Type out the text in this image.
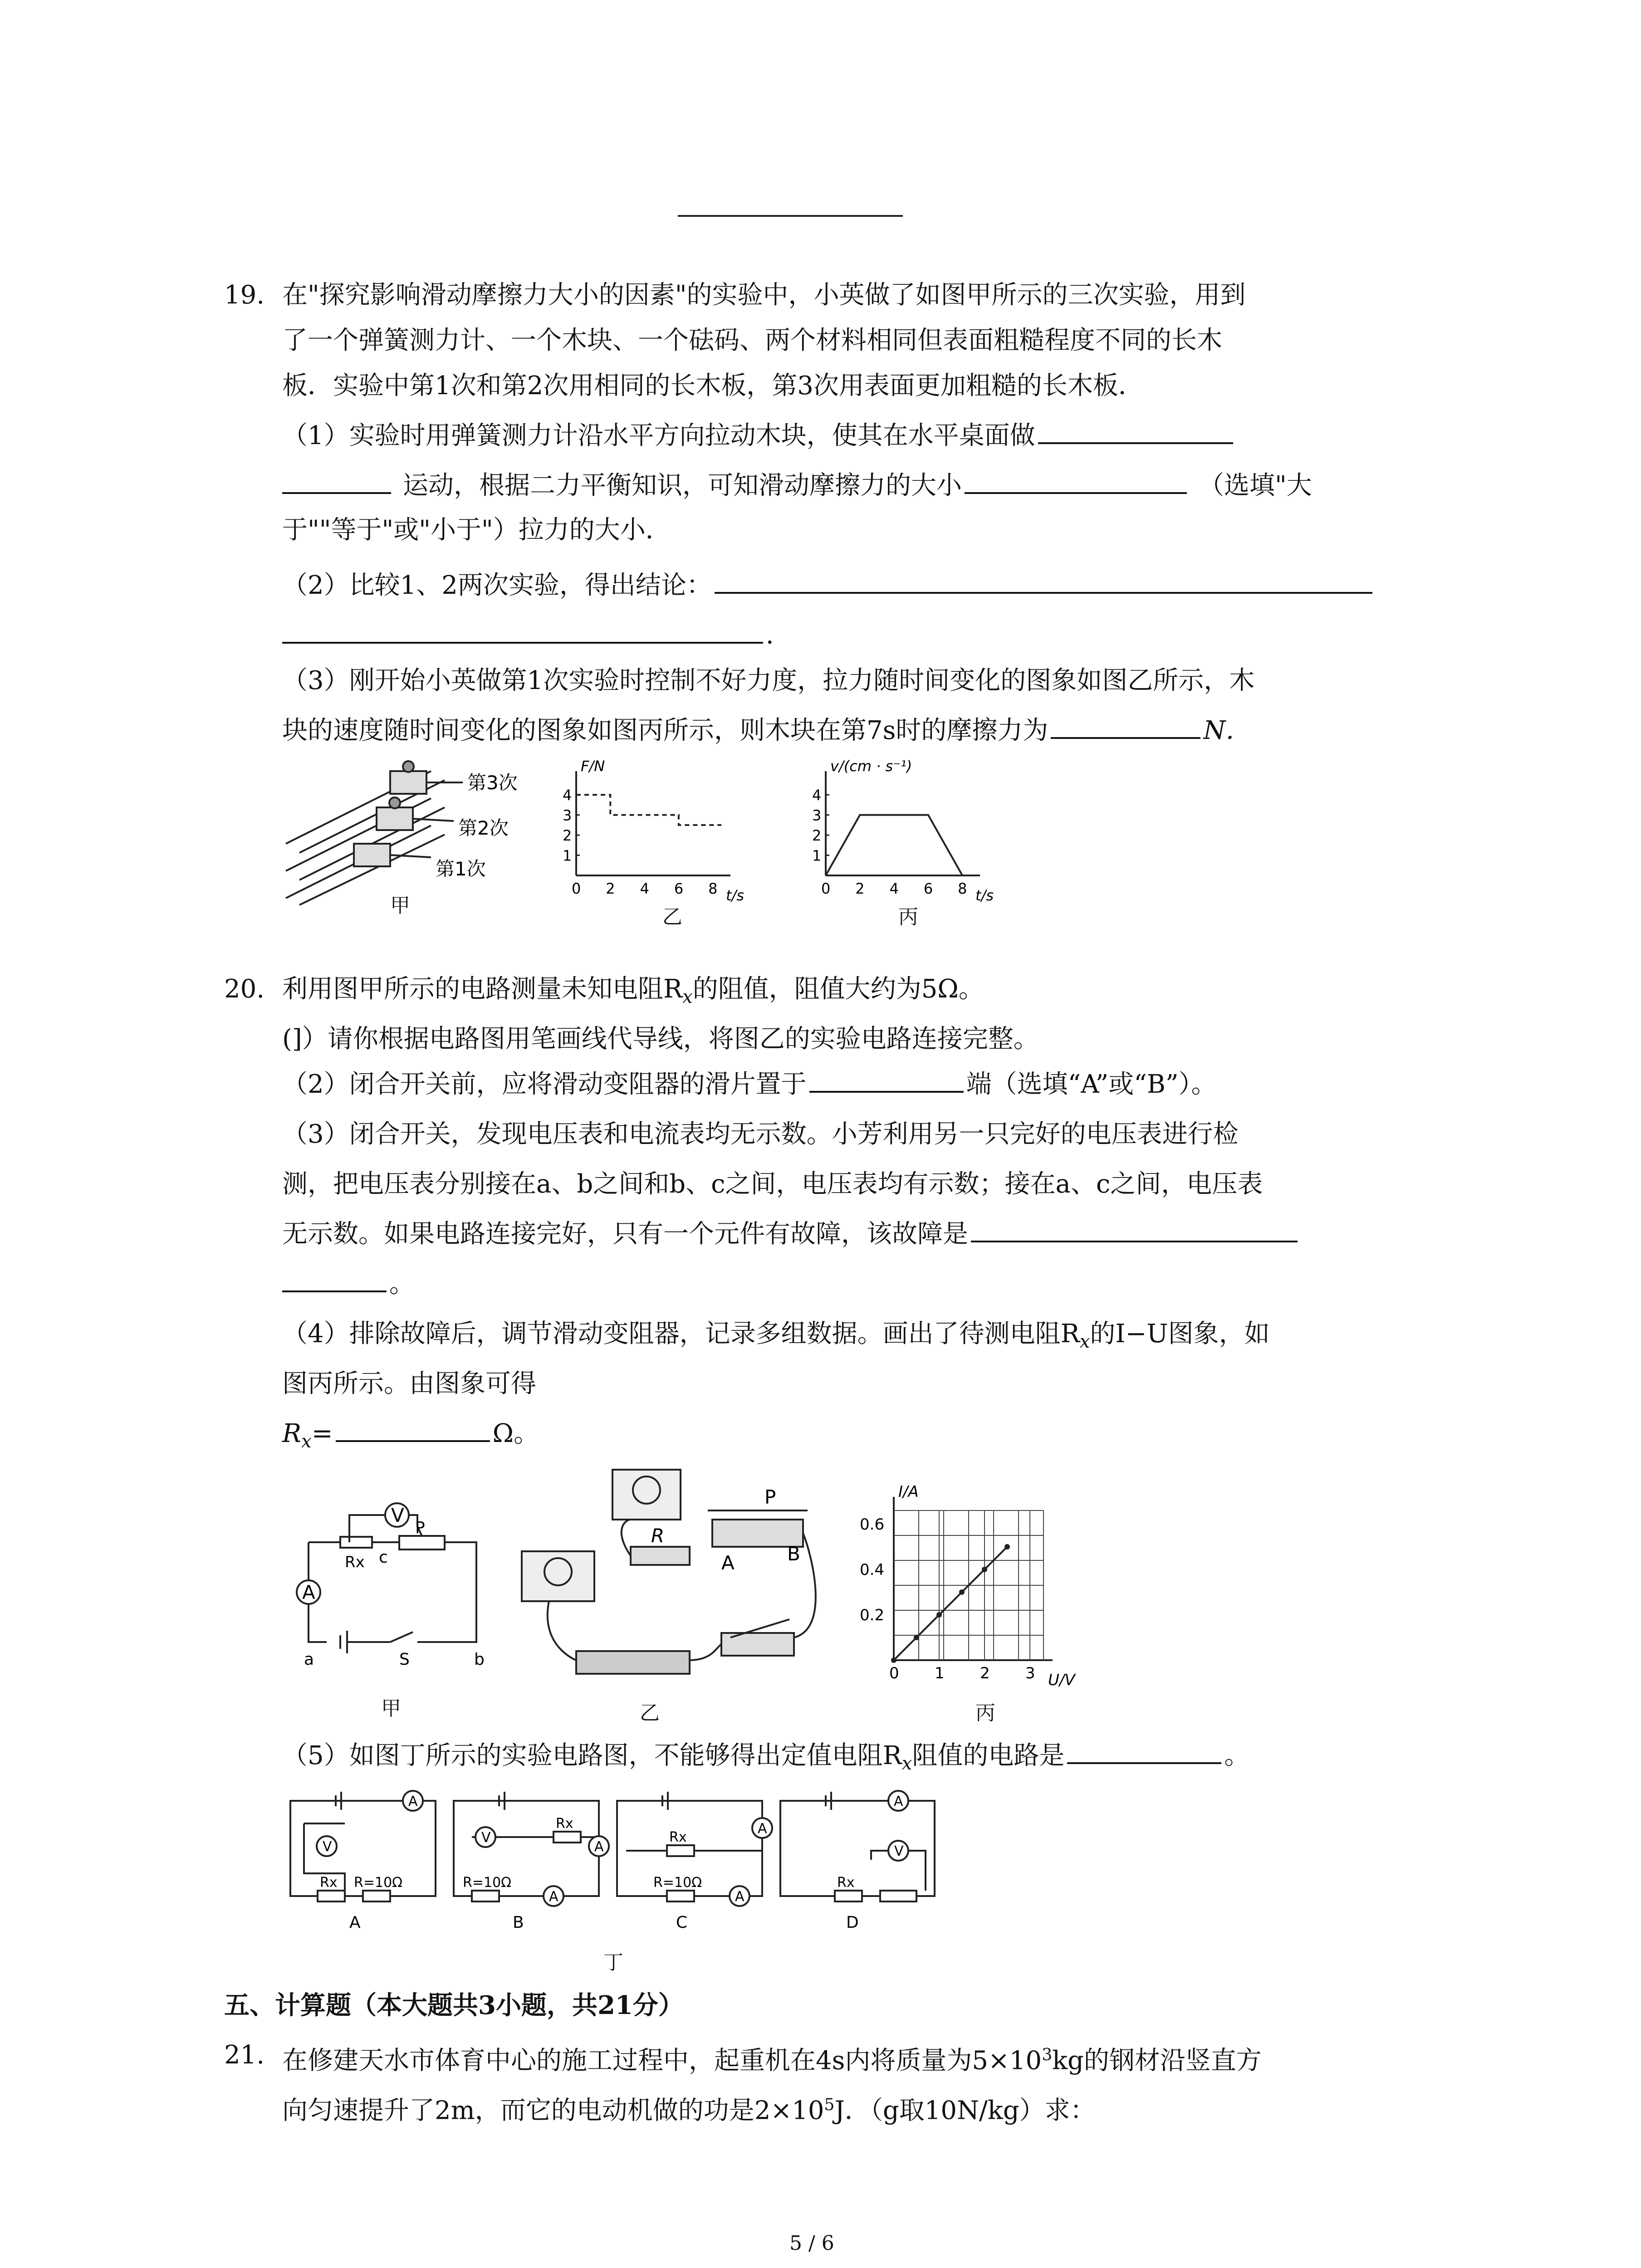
19. 在"探究影响滑动摩擦力大小的因素"的实验中，小英做了如图甲所示的三次实验，用到
了一个弹簧测力计、一个木块、一个砝码、两个材料相同但表面粗糙程度不同的长木
板．实验中第1次和第2次用相同的长木板，第3次用表面更加粗糙的长木板．
（1）实验时用弹簧测力计沿水平方向拉动木块，使其在水平桌面做
运动，根据二力平衡知识，可知滑动摩擦力的大小	（选填"大
于""等于"或"小于"）拉力的大小．
（2）比较1、2两次实验，得出结论：
．
（3）刚开始小英做第1次实验时控制不好力度，拉力随时间变化的图象如图乙所示，木
块的速度随时间变化的图象如图丙所示，则木块在第7s时的摩擦力为	N．
第3次
第2次
第1次
甲
0 2 4 6 8
1
2
3
4
F/N
t/s
乙
0 2 4 6 8
1
2
3
4
v/(cm · s⁻¹)
t/s
丙
20. 利用图甲所示的电路测量未知电阻$R_x$的阻值，阻值大约为5Ω。
(]）请你根据电路图用笔画线代导线，将图乙的实验电路连接完整。
（2）闭合开关前，应将滑动变阻器的滑片置于	端（选填“A”或“B”）。
（3）闭合开关，发现电压表和电流表均无示数。小芳利用另一只完好的电压表进行检
测，把电压表分别接在a、b之间和b、c之间，电压表均有示数；接在a、c之间，电压表
无示数。如果电路连接完好，只有一个元件有故障，该故障是
。
（4）排除故障后，调节滑动变阻器，记录多组数据。画出了待测电阻$R_x$的I−U图象，如
图丙所示。由图象可得
$R_x=$	Ω。
V
A
Rx
P
c
a	S	b
甲
R
P
A	B
乙
0 1 2 3
0.2
0.4
0.6
I/A
U/V
丙
（5）如图丁所示的实验电路图，不能够得出定值电阻$R_x$阻值的电路是	。
V
A
Rx R=10Ω
V
A
A
Rx
R=10Ω
A
A
Rx
R=10Ω
A
V
Rx
A	B	C	D
丁
五、计算题（本大题共3小题，共21分）
21. 在修建天水市体育中心的施工过程中，起重机在4s内将质量为$5\times 10^3kg$的钢材沿竖直方
向匀速提升了2m，而它的电动机做的功是$2\times 10^5J$．（g取10N/kg）求：
5 / 6
